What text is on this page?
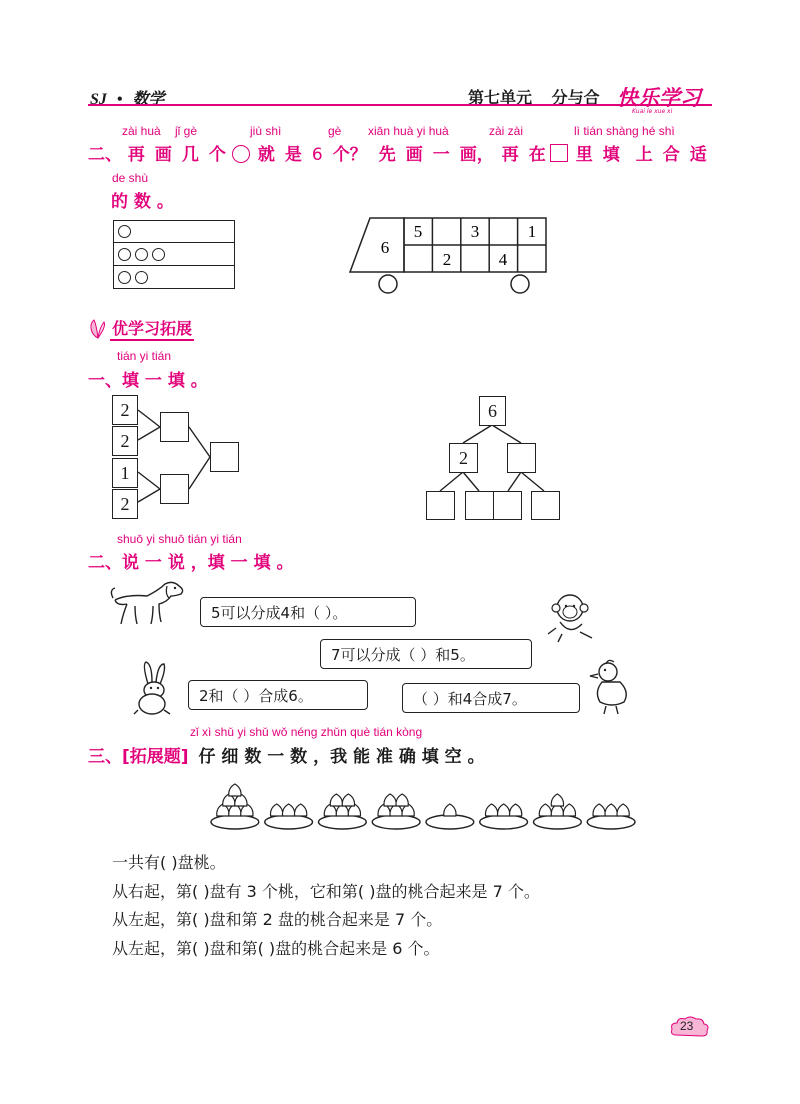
SJ • 数学	第七单元 分与合 快乐学习
Kuai le xue xi
zài huà jǐ gè	jiù shì	gè xiān huà yi huà	zài zài	lì tián shàng hé shì
二、 再 画 几 个 就 是 6 个？ 先 画 一 画， 再 在 里 填 上 合 适
de shù
的 数 。
6
5	3	1
2	4
优学习拓展
tián yi tián
一、填 一 填 。
2
2
1
2
6
2
shuō yi shuō tián yi tián
二、说 一 说 ，填 一 填 。
5可以分成4和（ ）。
7可以分成（ ）和5。
2和（ ）合成6。	（ ）和4合成7。
zǐ xì shǔ yi shǔ wǒ néng zhǔn què tián kòng
三、[拓展题] 仔 细 数 一 数 ，我 能 准 确 填 空 。
一共有( )盘桃。
从右起，第( )盘有 3 个桃，它和第( )盘的桃合起来是 7 个。
从左起，第( )盘和第 2 盘的桃合起来是 7 个。
从左起，第( )盘和第( )盘的桃合起来是 6 个。
23
